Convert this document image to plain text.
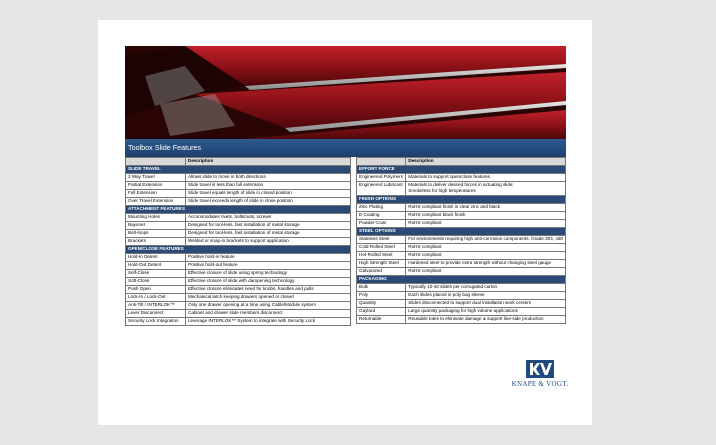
Toolbox Slide Features
	Description
SLIDE TRAVEL	
2 Way Travel	Allows slide to move in both directions
Partial Extension	Slide travel is less than full extension
Full Extension	Slide travel equals length of slide in closed position
Over Travel Extension	Slide travel exceeds length of slide in close position
ATTACHMENT FEATURES	
Mounting Holes	Accommodates rivets, bolts/nuts, screws
Bayonet	Designed for tool-less, fast installation of metal storage
Belt-loops	Designed for tool-less, fast installation of metal storage
Brackets	Welded or snap-in brackets to support application
OPEN/CLOSE FEATURES	
Hold-In Detent	Positive hold-in feature
Hold-Out Detent	Positive hold-out feature
Self-Close	Effective closure of slide using spring technology
Soft-Close	Effective closure of slide with dampening technology
Push Open	Effective closure eliminates need for knobs, handles and pulls
Lock-In / Lock-Out	Mechanical latch keeping drawers opened or closed
Anti-Tilt / INTERLOK™	Only one drawer opening at a time using Cable/Module system
Lever Disconnect	Cabinet and drawer slide members disconnect
Security Lock Integration	Leverage INTERLOK™ System to integrate with Security Lock
	Description
EFFORT FORCE	
Engineered Polymers	Materials to support open/close features
Engineered Lubricant	Materials to deliver desired forces in actuating slide;
Smokeless for high temperatures

FINISH OPTIONS	
Zinc Plating	RoHS compliant finish in clear zinc and black
E-Coating	RoHS compliant black finish
Powder-Coat	RoHS compliant
STEEL OPTIONS	
Stainless Steel	For environments requiring high anti-corrosion components. Grade 304, 430
Cold-Rolled Steel	RoHS compliant
Hot-Rolled Steel	RoHS compliant
High Strength Steel	Hardened steel to provide extra strength without changing steel gauge
Galvanized	RoHS compliant
PACKAGING	
Bulk	Typically 10-40 slides per corrugated carton
Poly	Each slides placed in poly bag sleeve
Quantity	Slides disconnected to support dual installation work centers
Gaylord	Large quantity packaging for high volume applications
Returnable	Reusable totes to eliminate damage & support line-side production
KNAPE & VOGT.
